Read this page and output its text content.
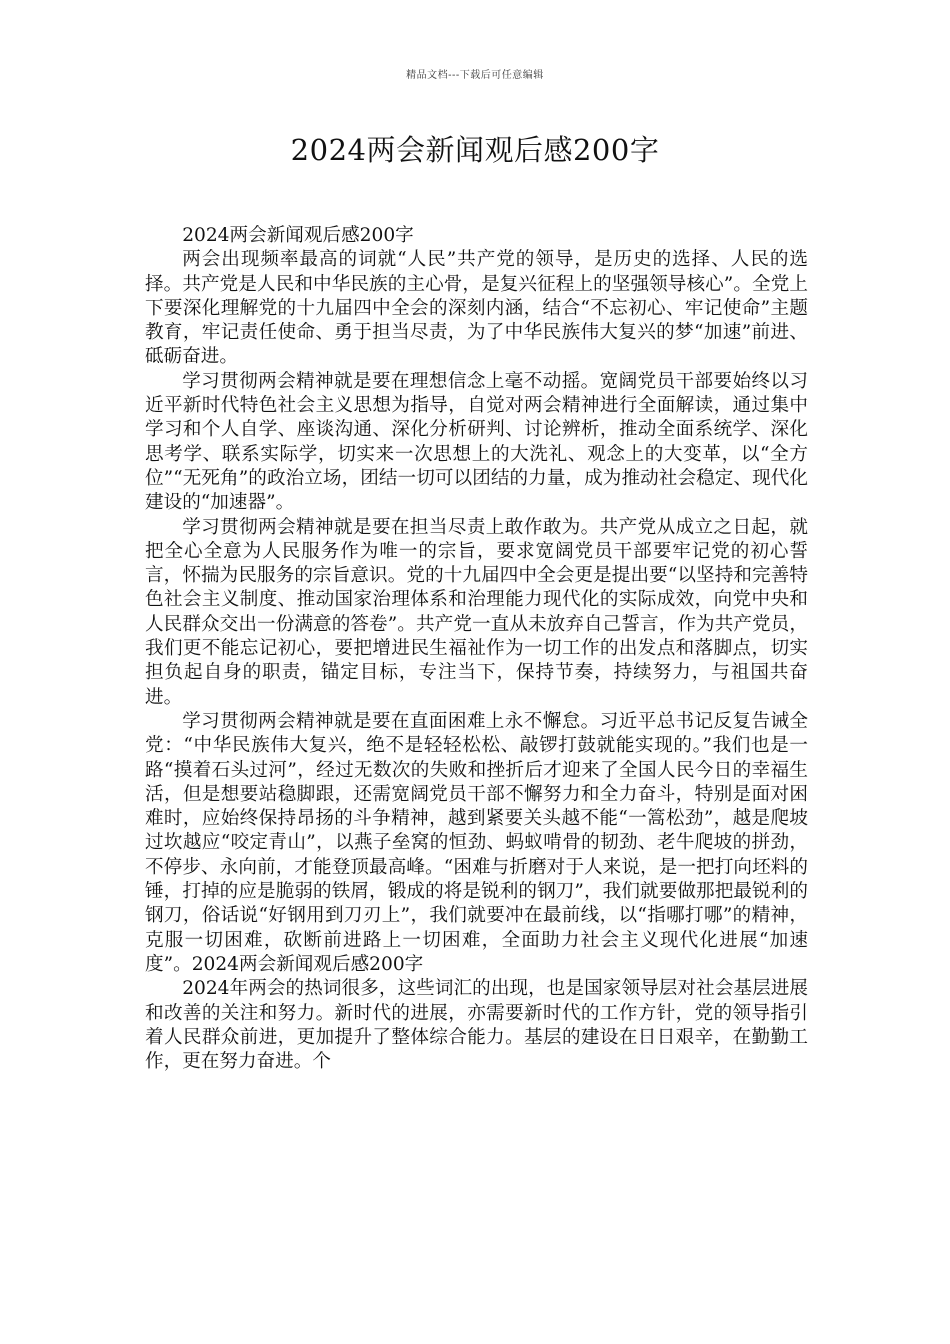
精品文档---下载后可任意编辑
2024两会新闻观后感200字

2024两会新闻观后感200字

两会出现频率最高的词就“人民”共产党的领导，是历史的选择、人民的选择。共产党是人民和中华民族的主心骨，是复兴征程上的坚强领导核心”。全党上下要深化理解党的十九届四中全会的深刻内涵，结合“不忘初心、牢记使命”主题教育，牢记责任使命、勇于担当尽责，为了中华民族伟大复兴的梦“加速”前进、砥砺奋进。

学习贯彻两会精神就是要在理想信念上毫不动摇。宽阔党员干部要始终以习近平新时代特色社会主义思想为指导，自觉对两会精神进行全面解读，通过集中学习和个人自学、座谈沟通、深化分析研判、讨论辨析，推动全面系统学、深化思考学、联系实际学，切实来一次思想上的大洗礼、观念上的大变革，以“全方位”“无死角”的政治立场，团结一切可以团结的力量，成为推动社会稳定、现代化建设的“加速器”。

学习贯彻两会精神就是要在担当尽责上敢作敢为。共产党从成立之日起，就把全心全意为人民服务作为唯一的宗旨，要求宽阔党员干部要牢记党的初心誓言，怀揣为民服务的宗旨意识。党的十九届四中全会更是提出要“以坚持和完善特色社会主义制度、推动国家治理体系和治理能力现代化的实际成效，向党中央和人民群众交出一份满意的答卷”。共产党一直从未放弃自己誓言，作为共产党员，我们更不能忘记初心，要把增进民生福祉作为一切工作的出发点和落脚点，切实担负起自身的职责，锚定目标，专注当下，保持节奏，持续努力，与祖国共奋进。

学习贯彻两会精神就是要在直面困难上永不懈怠。习近平总书记反复告诫全党：“中华民族伟大复兴，绝不是轻轻松松、敲锣打鼓就能实现的。”我们也是一路“摸着石头过河”，经过无数次的失败和挫折后才迎来了全国人民今日的幸福生活，但是想要站稳脚跟，还需宽阔党员干部不懈努力和全力奋斗，特别是面对困难时，应始终保持昂扬的斗争精神，越到紧要关头越不能“一篙松劲”，越是爬坡过坎越应“咬定青山”，以燕子垒窝的恒劲、蚂蚁啃骨的韧劲、老牛爬坡的拼劲，不停步、永向前，才能登顶最高峰。“困难与折磨对于人来说，是一把打向坯料的锤，打掉的应是脆弱的铁屑，锻成的将是锐利的钢刀”，我们就要做那把最锐利的钢刀，俗话说“好钢用到刀刃上”，我们就要冲在最前线，以“指哪打哪”的精神，克服一切困难，砍断前进路上一切困难，全面助力社会主义现代化进展“加速度”。2024两会新闻观后感200字

2024年两会的热词很多，这些词汇的出现，也是国家领导层对社会基层进展和改善的关注和努力。新时代的进展，亦需要新时代的工作方针，党的领导指引着人民群众前进，更加提升了整体综合能力。基层的建设在日日艰辛，在勤勤工作，更在努力奋进。个
